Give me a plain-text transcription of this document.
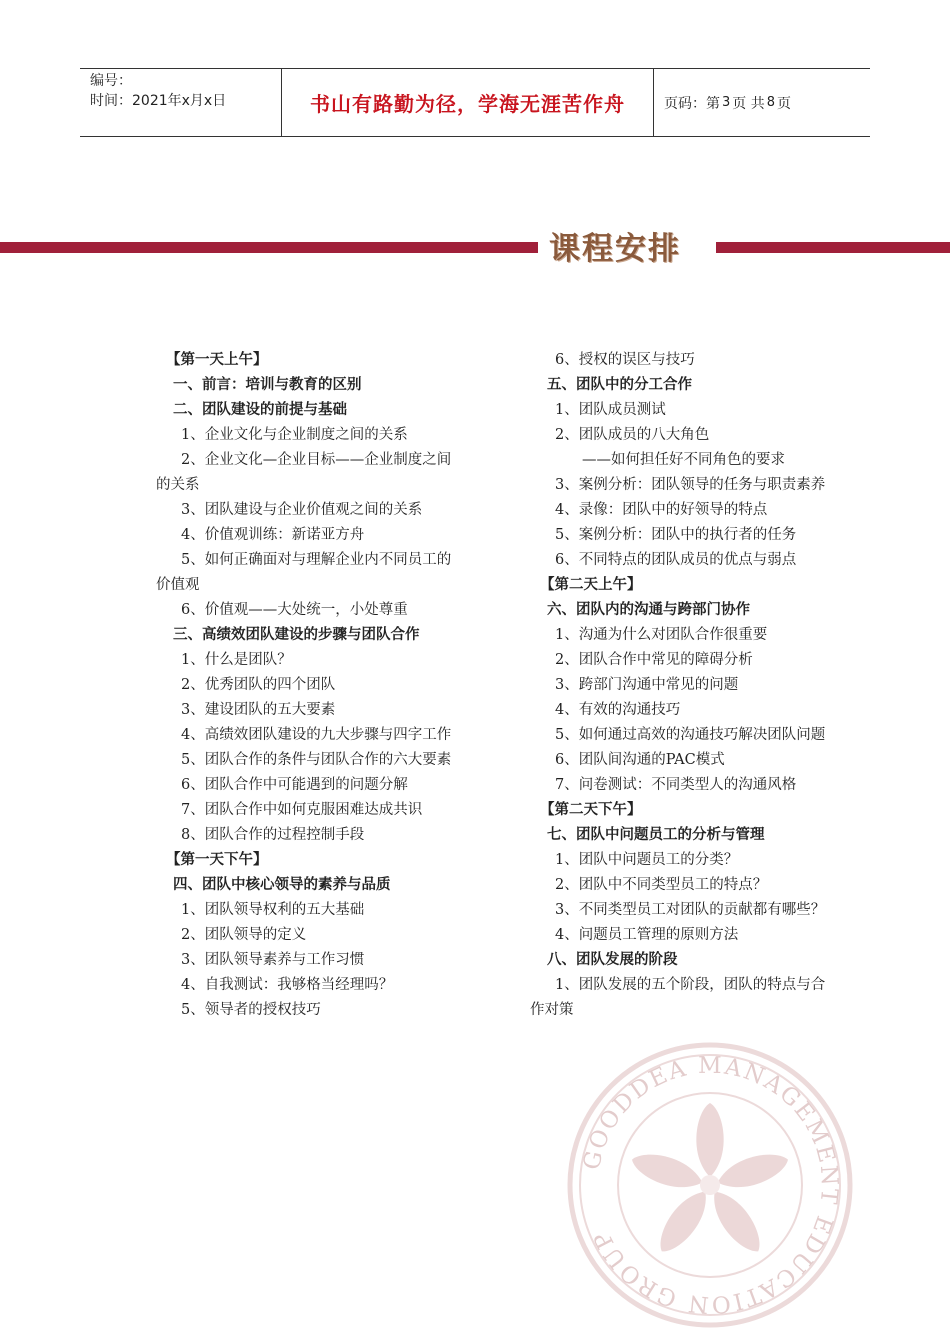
编号：
时间：2021年x月x日	书山有路勤为径，学海无涯苦作舟	页码：第 3 页 共 8 页
课程安排
【第一天上午】
一、前言：培训与教育的区别
二、团队建设的前提与基础
1、企业文化与企业制度之间的关系
2、企业文化—企业目标——企业制度之间
的关系
3、团队建设与企业价值观之间的关系
4、价值观训练：新诺亚方舟
5、如何正确面对与理解企业内不同员工的
价值观
6、价值观——大处统一，小处尊重
三、高绩效团队建设的步骤与团队合作
1、什么是团队？
2、优秀团队的四个团队
3、建设团队的五大要素
4、高绩效团队建设的九大步骤与四字工作
5、团队合作的条件与团队合作的六大要素
6、团队合作中可能遇到的问题分解
7、团队合作中如何克服困难达成共识
8、团队合作的过程控制手段
【第一天下午】
四、团队中核心领导的素养与品质
1、团队领导权利的五大基础
2、团队领导的定义
3、团队领导素养与工作习惯
4、自我测试：我够格当经理吗？
5、领导者的授权技巧
6、授权的误区与技巧
五、团队中的分工合作
1、团队成员测试
2、团队成员的八大角色
——如何担任好不同角色的要求
3、案例分析：团队领导的任务与职责素养
4、录像：团队中的好领导的特点
5、案例分析：团队中的执行者的任务
6、不同特点的团队成员的优点与弱点
【第二天上午】
六、团队内的沟通与跨部门协作
1、沟通为什么对团队合作很重要
2、团队合作中常见的障碍分析
3、跨部门沟通中常见的问题
4、有效的沟通技巧
5、如何通过高效的沟通技巧解决团队问题
6、团队间沟通的PAC模式
7、问卷测试：不同类型人的沟通风格
【第二天下午】
七、团队中问题员工的分析与管理
1、团队中问题员工的分类？
2、团队中不同类型员工的特点？
3、不同类型员工对团队的贡献都有哪些？
4、问题员工管理的原则方法
八、团队发展的阶段
1、团队发展的五个阶段，团队的特点与合
作对策
GOODDEA MANAGEMENT EDUCATION GROUP
